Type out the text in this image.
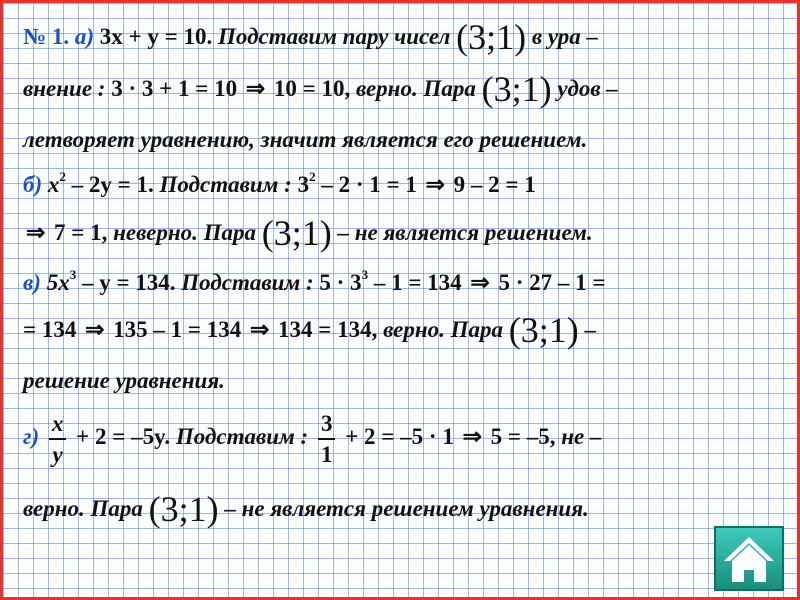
№ 1. а) 3x + y = 10. Подставим пару чисел (3;1) в ура –
внение : 3 · 3 + 1 = 10 ⇒ 10 = 10, верно. Пара (3;1) удов –
летворяет уравнению, значит является его решением.
б) $x^2 - 2y = 1$. Подставим : $3^2 - 2 \cdot 1 = 1$ ⇒ 9 – 2 = 1
⇒ 7 = 1, неверно. Пара (3;1) – не является решением.
в) $5x^3 - y = 134$. Подставим : $5 \cdot 3^3 - 1 = 134$ ⇒ 5 · 27 – 1 =
= 134 ⇒ 135 – 1 = 134 ⇒ 134 = 134, верно. Пара (3;1) –
решение уравнения.
$г) \frac{x}{y} + 2 = -5y$. Подставим : $\frac{3}{1} + 2 = -5 \cdot 1$ ⇒ 5 = –5, не –
верно. Пара (3;1) – не является решением уравнения.
